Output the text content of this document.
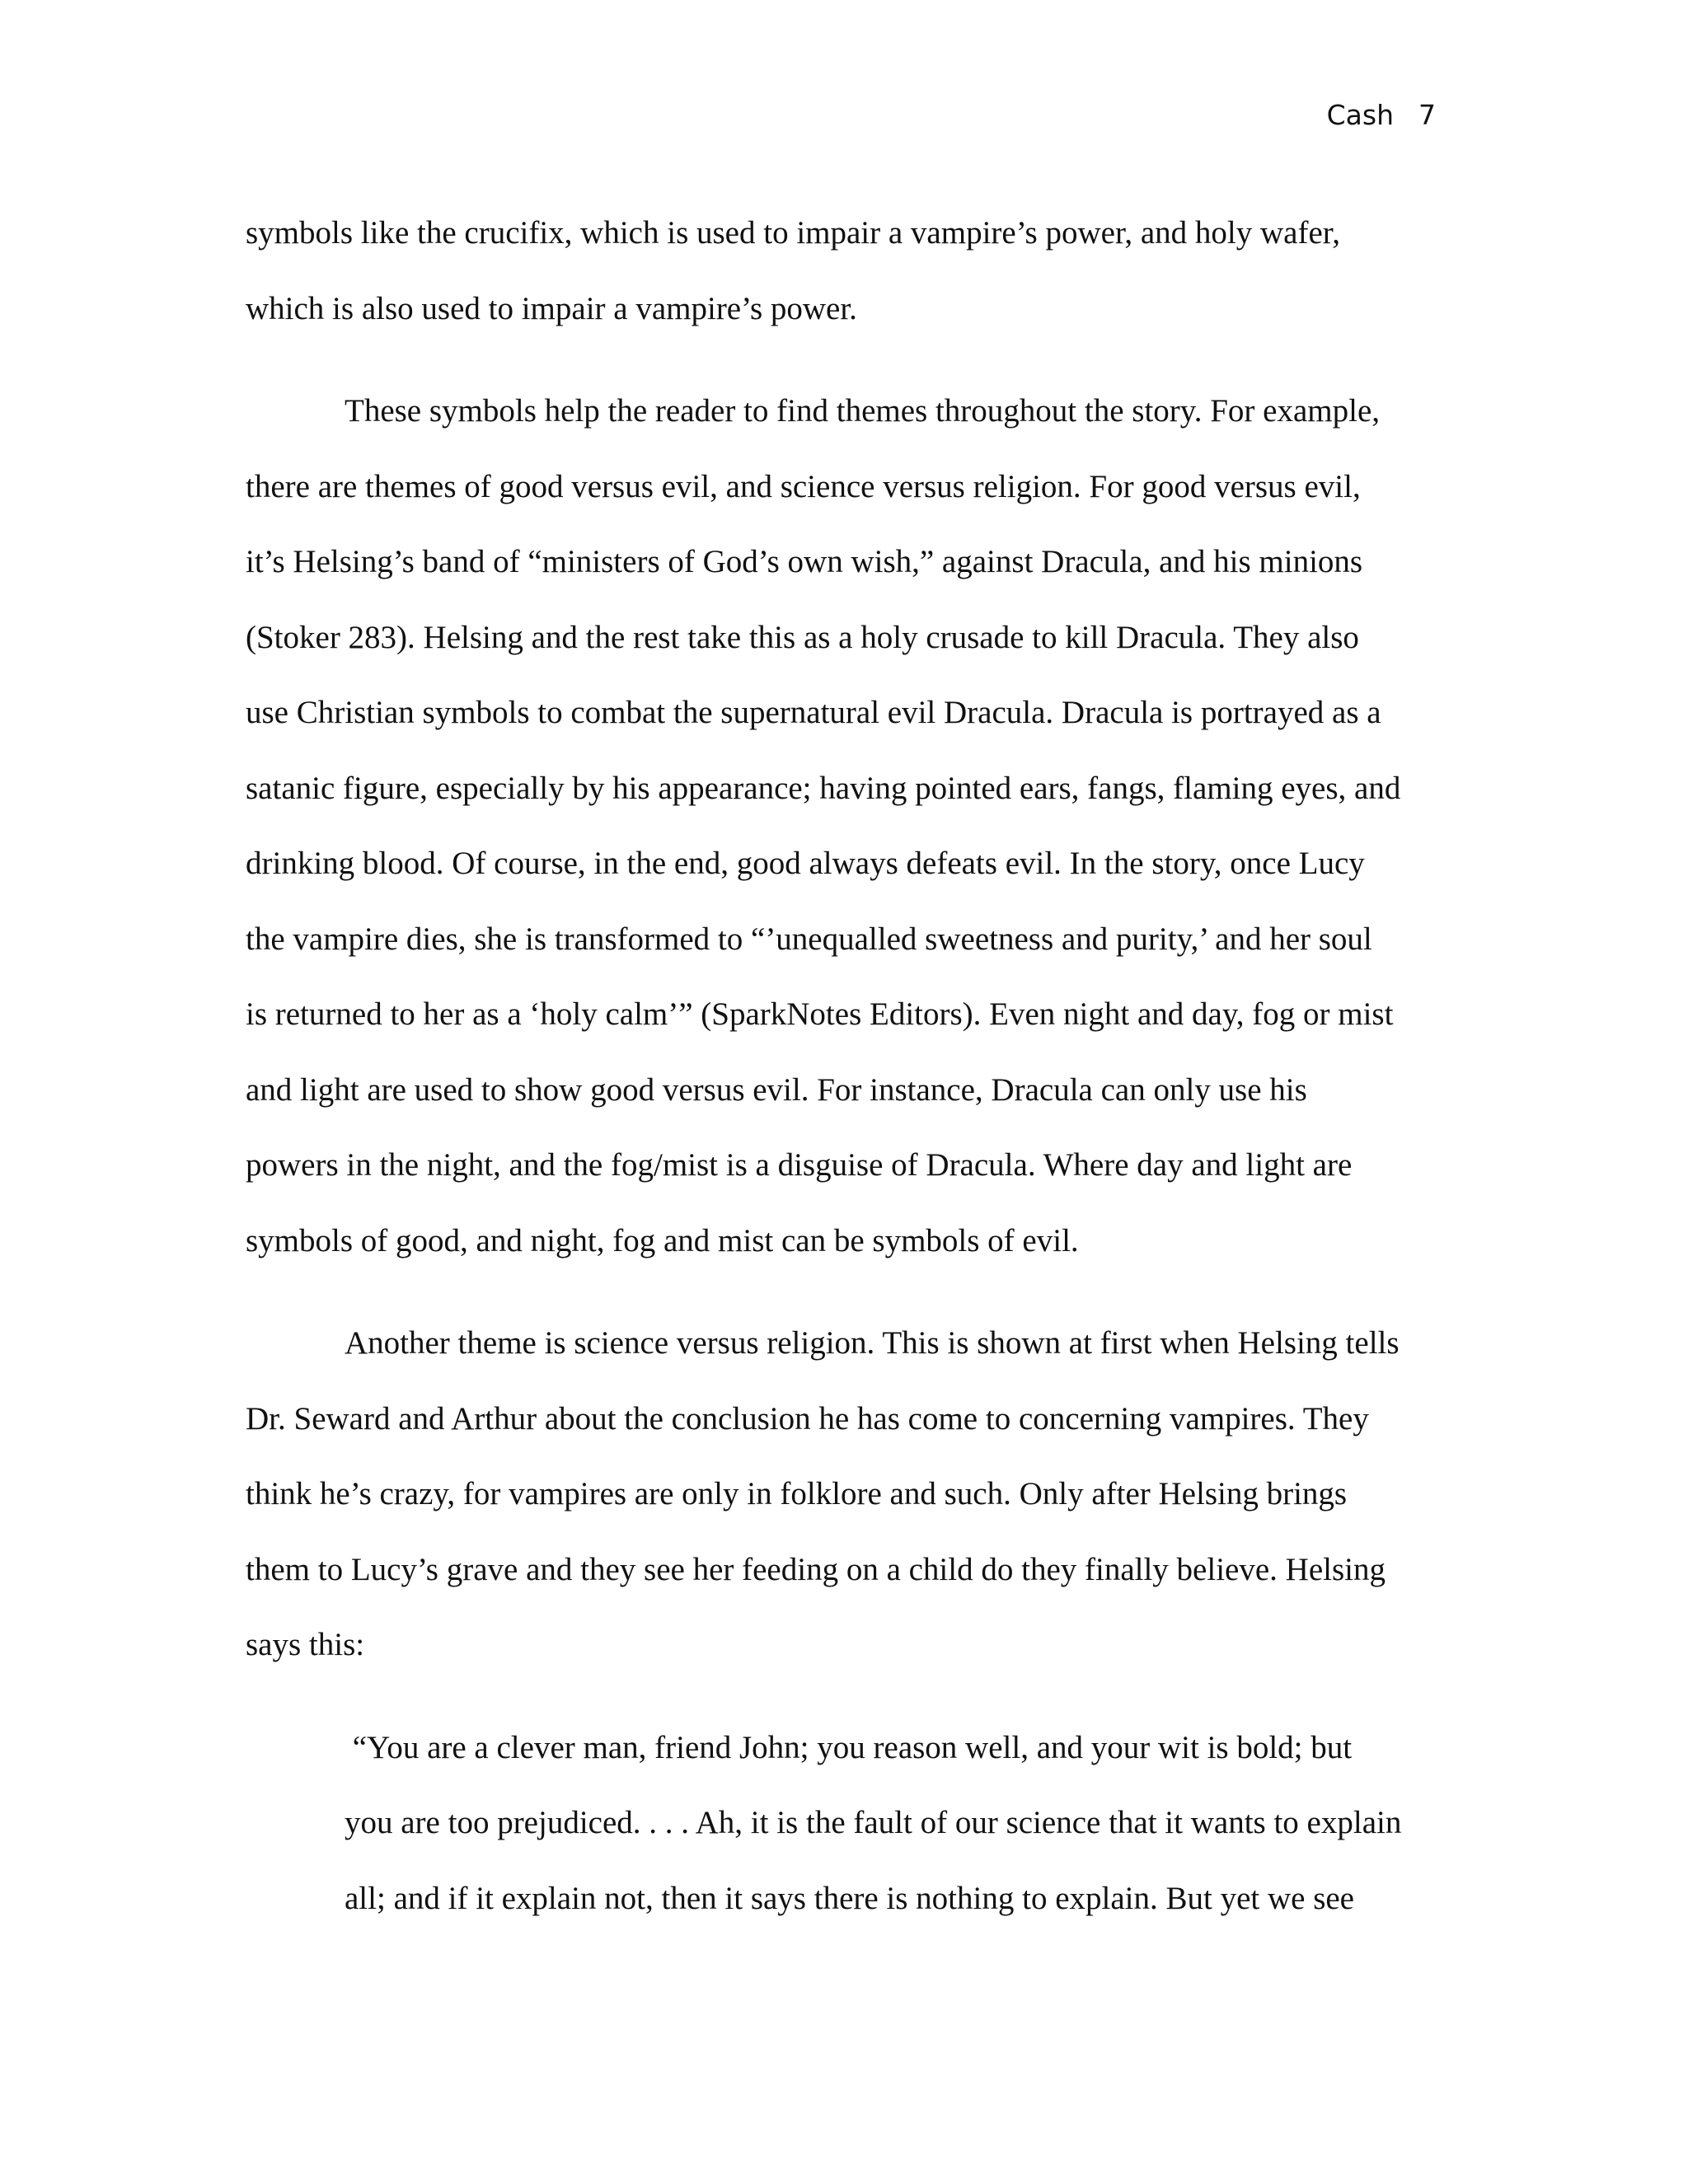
Cash 7

symbols like the crucifix, which is used to impair a vampire’s power, and holy wafer,
which is also used to impair a vampire’s power.

These symbols help the reader to find themes throughout the story. For example,
there are themes of good versus evil, and science versus religion. For good versus evil,
it’s Helsing’s band of “ministers of God’s own wish,” against Dracula, and his minions
(Stoker 283). Helsing and the rest take this as a holy crusade to kill Dracula. They also
use Christian symbols to combat the supernatural evil Dracula. Dracula is portrayed as a
satanic figure, especially by his appearance; having pointed ears, fangs, flaming eyes, and
drinking blood. Of course, in the end, good always defeats evil. In the story, once Lucy
the vampire dies, she is transformed to “’unequalled sweetness and purity,’ and her soul
is returned to her as a ‘holy calm’” (SparkNotes Editors). Even night and day, fog or mist
and light are used to show good versus evil. For instance, Dracula can only use his
powers in the night, and the fog/mist is a disguise of Dracula. Where day and light are
symbols of good, and night, fog and mist can be symbols of evil.

Another theme is science versus religion. This is shown at first when Helsing tells
Dr. Seward and Arthur about the conclusion he has come to concerning vampires. They
think he’s crazy, for vampires are only in folklore and such. Only after Helsing brings
them to Lucy’s grave and they see her feeding on a child do they finally believe. Helsing
says this:

“You are a clever man, friend John; you reason well, and your wit is bold; but
you are too prejudiced. . . . Ah, it is the fault of our science that it wants to explain
all; and if it explain not, then it says there is nothing to explain. But yet we see
